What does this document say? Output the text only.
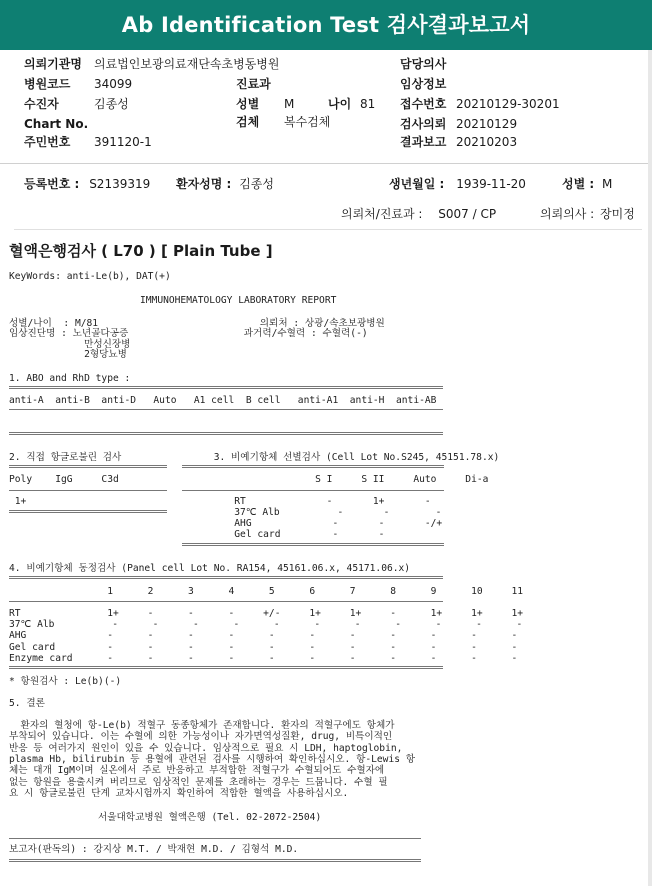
Ab Identification Test 검사결과보고서
의뢰기관명 의료법인보광의료재단속초병동병원
병원코드 34099
수진자	김종성
Chart No.
주민번호 391120-1
진료과
성별 M	나이 81
검체 복수검체
담당의사
임상정보
접수번호 20210129-30201
검사의뢰 20210129
결과보고 20210203
등록번호 : S2139319 환자성명 : 김종성	생년월일 : 1939-11-20	성별 : M
의뢰처/진료과 : S007 / CP	의뢰의사 : 장미정
혈액은행검사 ( L70 ) [ Plain Tube ]
KeyWords: anti-Le(b), DAT(+)
IMMUNOHEMATOLOGY LABORATORY REPORT
성별/나이  : M/81                            의뢰처 : 상광/속초보광병원
임상진단명 : 노년골다공증                    과거력/수혈력 : 수혈력(-)
만성신장병
2형당뇨병
1. ABO and RhD type :
anti-A  anti-B  anti-D   Auto   A1 cell  B cell   anti-A1  anti-H  anti-AB
2. 직접 항글로불린 검사                3. 비예기항체 선별검사 (Cell Lot No.S245, 45151.78.x)
Poly    IgG     C3d                                  S I     S II     Auto     Di-a
1+                                    RT              -       1+       -
37℃ Alb          -       -        -
AHG              -       -       -/+
Gel card         -       -
4. 비예기항체 동정검사 (Panel cell Lot No. RA154, 45161.06.x, 45171.06.x)
1      2      3      4      5      6      7      8      9      10     11
RT               1+     -      -      -     +/-     1+     1+     -      1+     1+     1+
37℃ Alb          -      -      -      -      -      -      -      -      -      -      -
AHG              -      -      -      -      -      -      -      -      -      -      -
Gel card         -      -      -      -      -      -      -      -      -      -      -
Enzyme card      -      -      -      -      -      -      -      -      -      -      -
* 항원검사 : Le(b)(-)
5. 결론
환자의 혈청에 항-Le(b) 적혈구 동종항체가 존재합니다. 환자의 적혈구에도 항체가
부착되어 있습니다. 이는 수혈에 의한 가능성이나 자가면역성질환, drug, 비특이적인
반응 등 여러가지 원인이 있을 수 있습니다. 임상적으로 필요 시 LDH, haptoglobin,
plasma Hb, bilirubin 등 용혈에 관련된 검사를 시행하여 확인하십시오. 항-Lewis 항
체는 대개 IgM이며 실온에서 주로 반응하고 부적합한 적혈구가 수혈되어도 수혈자에
없는 항원을 용출시켜 버리므로 임상적인 문제를 초래하는 경우는 드뭅니다. 수혈 필
요 시 항글로불린 단계 교차시험까지 확인하여 적합한 혈액을 사용하십시오.
서울대학교병원 혈액은행 (Tel. 02-2072-2504)
보고자(판독의) : 강지상 M.T. / 박재현 M.D. / 김형석 M.D.
